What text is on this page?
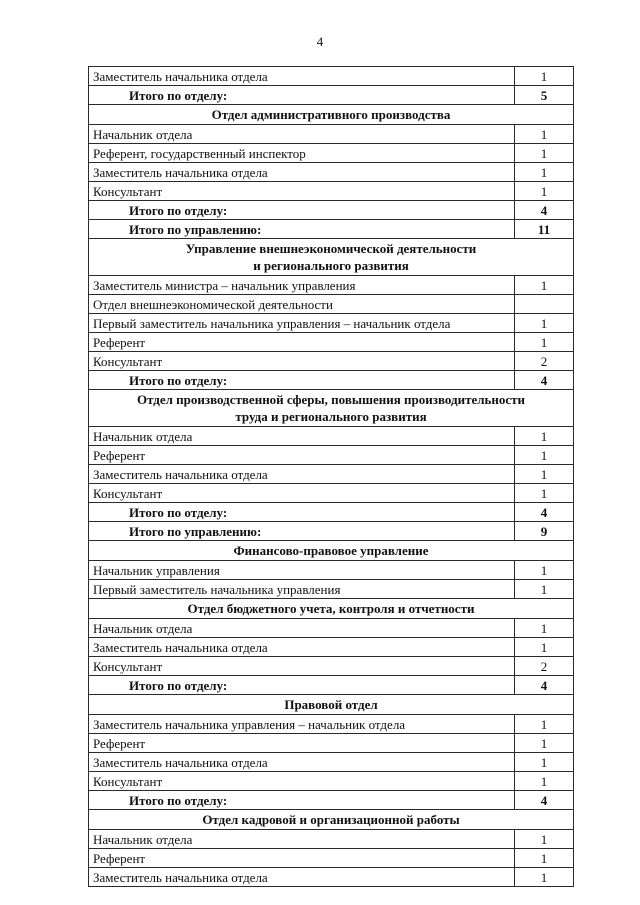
4
Заместитель начальника отдела	1
Итого по отделу:	5

Отдел административного производства	

Начальник отдела	1
Референт, государственный инспектор	1
Заместитель начальника отдела	1
Консультант	1
Итого по отделу:	4
Итого по управлению:	11

Управление внешнеэкономической деятельности
и регионального развития	

Заместитель министра – начальник управления	1
Отдел внешнеэкономической деятельности	
Первый заместитель начальника управления – начальник отдела	1
Референт	1
Консультант	2
Итого по отделу:	4

Отдел производственной сферы, повышения производительности
труда и регионального развития	

Начальник отдела	1
Референт	1
Заместитель начальника отдела	1
Консультант	1
Итого по отделу:	4
Итого по управлению:	9

Финансово-правовое управление	

Начальник управления	1
Первый заместитель начальника управления	1

Отдел бюджетного учета, контроля и отчетности	

Начальник отдела	1
Заместитель начальника отдела	1
Консультант	2
Итого по отделу:	4

Правовой отдел	

Заместитель начальника управления – начальник отдела	1
Референт	1
Заместитель начальника отдела	1
Консультант	1
Итого по отделу:	4

Отдел кадровой и организационной работы	

Начальник отдела	1
Референт	1
Заместитель начальника отдела	1
